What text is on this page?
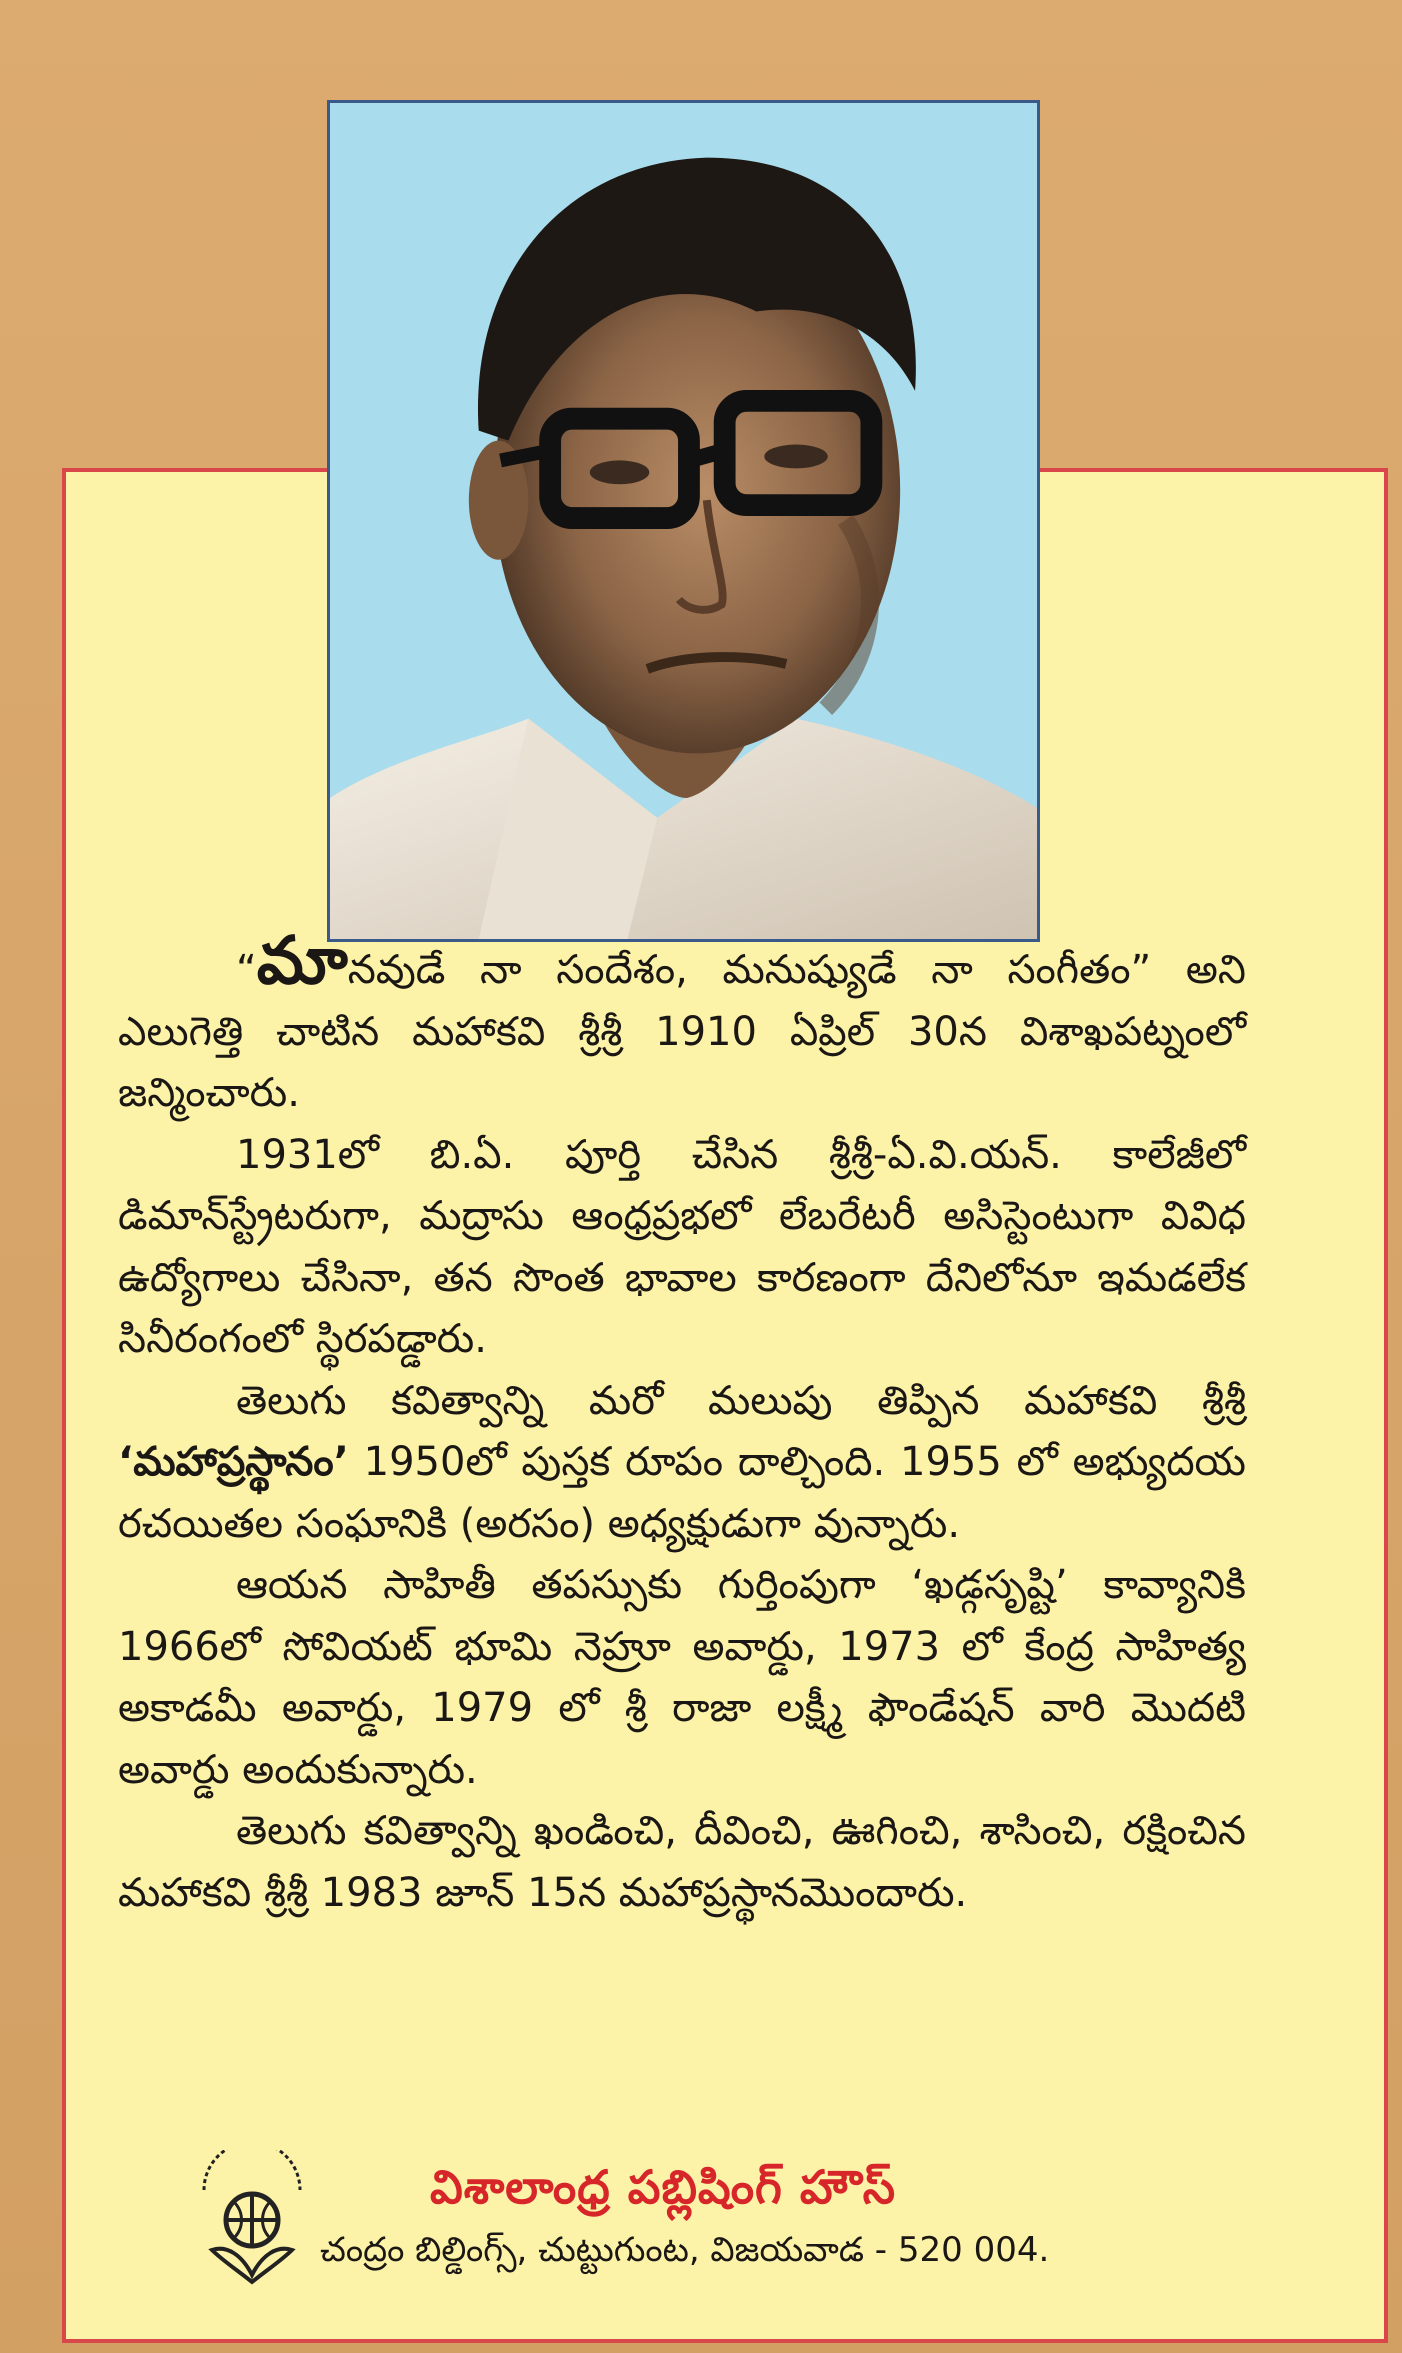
“మానవుడే నా సందేశం, మనుష్యుడే నా సంగీతం” అని ఎలుగెత్తి చాటిన మహాకవి శ్రీశ్రీ 1910 ఏప్రిల్ 30న విశాఖపట్నంలో జన్మించారు.

1931లో బి.ఏ. పూర్తి చేసిన శ్రీశ్రీ-ఏ.వి.యన్. కాలేజీలో డిమాన్‌స్ట్రేటరుగా, మద్రాసు ఆంధ్రప్రభలో లేబరేటరీ అసిస్టెంటుగా వివిధ ఉద్యోగాలు చేసినా, తన సొంత భావాల కారణంగా దేనిలోనూ ఇమడలేక సినీరంగంలో స్థిరపడ్డారు.

తెలుగు కవిత్వాన్ని మరో మలుపు తిప్పిన మహాకవి శ్రీశ్రీ ‘మహాప్రస్థానం’ 1950లో పుస్తక రూపం దాల్చింది. 1955 లో అభ్యుదయ రచయితల సంఘానికి (అరసం) అధ్యక్షుడుగా వున్నారు.

ఆయన సాహితీ తపస్సుకు గుర్తింపుగా ‘ఖడ్గసృష్టి’ కావ్యానికి 1966లో సోవియట్ భూమి నెహ్రూ అవార్డు, 1973 లో కేంద్ర సాహిత్య అకాడమీ అవార్డు, 1979 లో శ్రీ రాజా లక్ష్మీ ఫౌండేషన్ వారి మొదటి అవార్డు అందుకున్నారు.

తెలుగు కవిత్వాన్ని ఖండించి, దీవించి, ఊగించి, శాసించి, రక్షించిన మహాకవి శ్రీశ్రీ 1983 జూన్ 15న మహాప్రస్థానమొందారు.

విశాలాంధ్ర పబ్లిషింగ్ హౌస్
చంద్రం బిల్డింగ్స్, చుట్టుగుంట, విజయవాడ - 520 004.
